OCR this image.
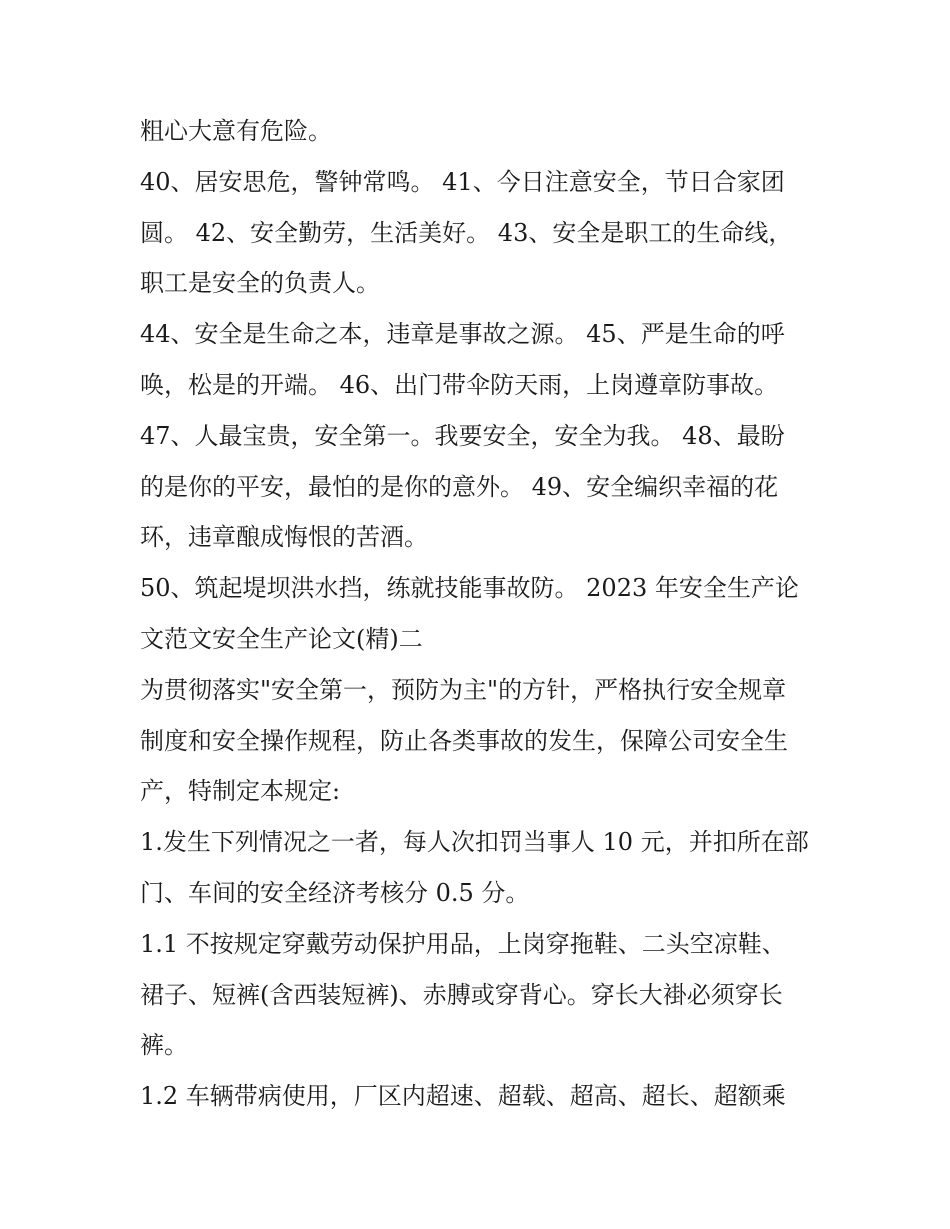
粗心大意有危险。
40、居安思危，警钟常鸣。 41、今日注意安全，节日合家团
圆。 42、安全勤劳，生活美好。 43、安全是职工的生命线，
职工是安全的负责人。
44、安全是生命之本，违章是事故之源。 45、严是生命的呼
唤，松是的开端。 46、出门带伞防天雨，上岗遵章防事故。
47、人最宝贵，安全第一。我要安全，安全为我。 48、最盼
的是你的平安，最怕的是你的意外。 49、安全编织幸福的花
环，违章酿成悔恨的苦酒。
50、筑起堤坝洪水挡，练就技能事故防。 2023 年安全生产论
文范文安全生产论文(精)二
为贯彻落实"安全第一，预防为主"的方针，严格执行安全规章
制度和安全操作规程，防止各类事故的发生，保障公司安全生
产，特制定本规定:
1.发生下列情况之一者，每人次扣罚当事人 10 元，并扣所在部
门、车间的安全经济考核分 0.5 分。
1.1 不按规定穿戴劳动保护用品，上岗穿拖鞋、二头空凉鞋、
裙子、短裤(含西装短裤)、赤膊或穿背心。穿长大褂必须穿长
裤。
1.2 车辆带病使用，厂区内超速、超载、超高、超长、超额乘
